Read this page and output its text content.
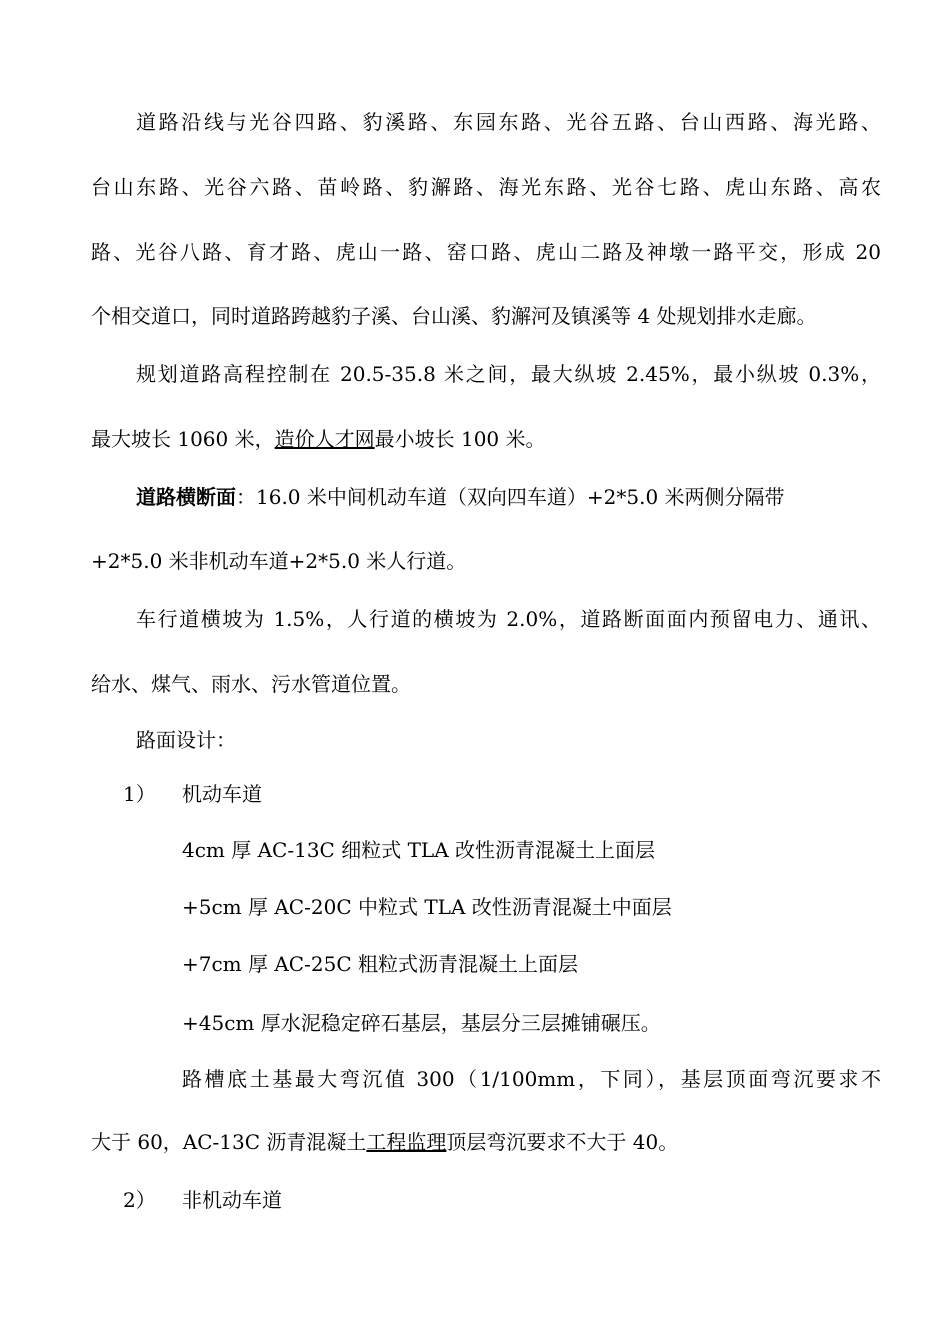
道路沿线与光谷四路、豹溪路、东园东路、光谷五路、台山西路、海光路、
台山东路、光谷六路、苗岭路、豹澥路、海光东路、光谷七路、虎山东路、高农
路、光谷八路、育才路、虎山一路、窑口路、虎山二路及神墩一路平交，形成 20
个相交道口，同时道路跨越豹子溪、台山溪、豹澥河及镇溪等 4 处规划排水走廊。
规划道路高程控制在 20.5-35.8 米之间，最大纵坡 2.45%，最小纵坡 0.3%，
最大坡长 1060 米，造价人才网最小坡长 100 米。
道路横断面：16.0 米中间机动车道（双向四车道）+2*5.0 米两侧分隔带
+2*5.0 米非机动车道+2*5.0 米人行道。
车行道横坡为 1.5%，人行道的横坡为 2.0%，道路断面面内预留电力、通讯、
给水、煤气、雨水、污水管道位置。
路面设计：
1）	机动车道
4cm 厚 AC-13C 细粒式 TLA 改性沥青混凝土上面层
+5cm 厚 AC-20C 中粒式 TLA 改性沥青混凝土中面层
+7cm 厚 AC-25C 粗粒式沥青混凝土上面层
+45cm 厚水泥稳定碎石基层，基层分三层摊铺碾压。
路槽底土基最大弯沉值 300（1/100mm，下同），基层顶面弯沉要求不
大于 60，AC-13C 沥青混凝土工程监理顶层弯沉要求不大于 40。
2）	非机动车道
